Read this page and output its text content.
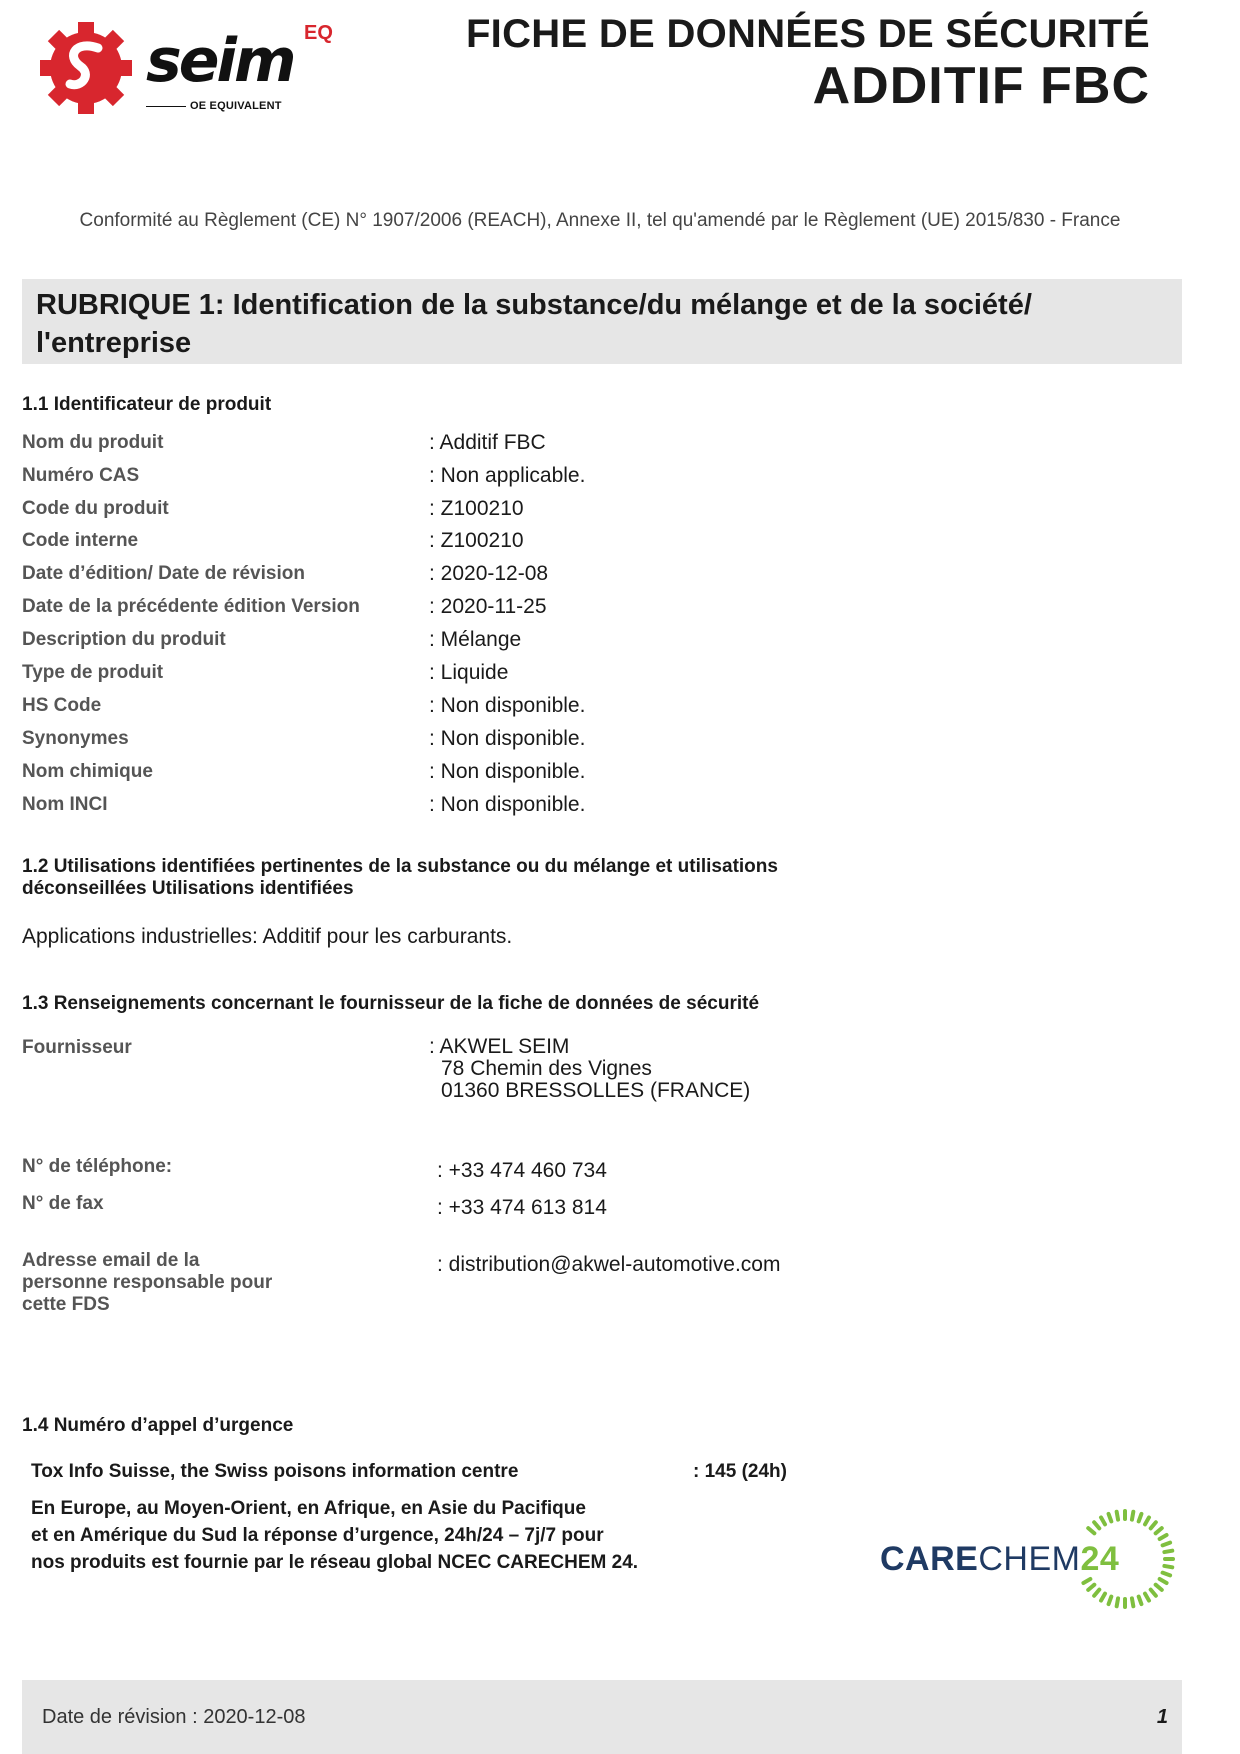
seim EQ
OE EQUIVALENT
FICHE DE DONNÉES DE SÉCURITÉ
ADDITIF FBC
Conformité au Règlement (CE) N° 1907/2006 (REACH), Annexe II, tel qu'amendé par le Règlement (UE) 2015/830 - France
RUBRIQUE 1: Identification de la substance/du mélange et de la société/
l'entreprise
1.1 Identificateur de produit
Nom du produit	: Additif FBC
Numéro CAS	: Non applicable.
Code du produit	: Z100210
Code interne	: Z100210
Date d’édition/ Date de révision	: 2020-12-08
Date de la précédente édition Version	: 2020-11-25
Description du produit	: Mélange
Type de produit	: Liquide
HS Code	: Non disponible.
Synonymes	: Non disponible.
Nom chimique	: Non disponible.
Nom INCI	: Non disponible.
1.2 Utilisations identifiées pertinentes de la substance ou du mélange et utilisations
déconseillées Utilisations identifiées
Applications industrielles: Additif pour les carburants.
1.3 Renseignements concernant le fournisseur de la fiche de données de sécurité
Fournisseur	: AKWEL SEIM
78 Chemin des Vignes
01360 BRESSOLLES (FRANCE)
N° de téléphone:	: +33 474 460 734
N° de fax	: +33 474 613 814
Adresse email de la
personne responsable pour
cette FDS
: distribution@akwel-automotive.com
1.4 Numéro d’appel d’urgence
Tox Info Suisse, the Swiss poisons information centre	: 145 (24h)
En Europe, au Moyen-Orient, en Afrique, en Asie du Pacifique
et en Amérique du Sud la réponse d’urgence, 24h/24 – 7j/7 pour
nos produits est fournie par le réseau global NCEC CARECHEM 24.	CARECHEM24
Date de révision : 2020-12-08	1
